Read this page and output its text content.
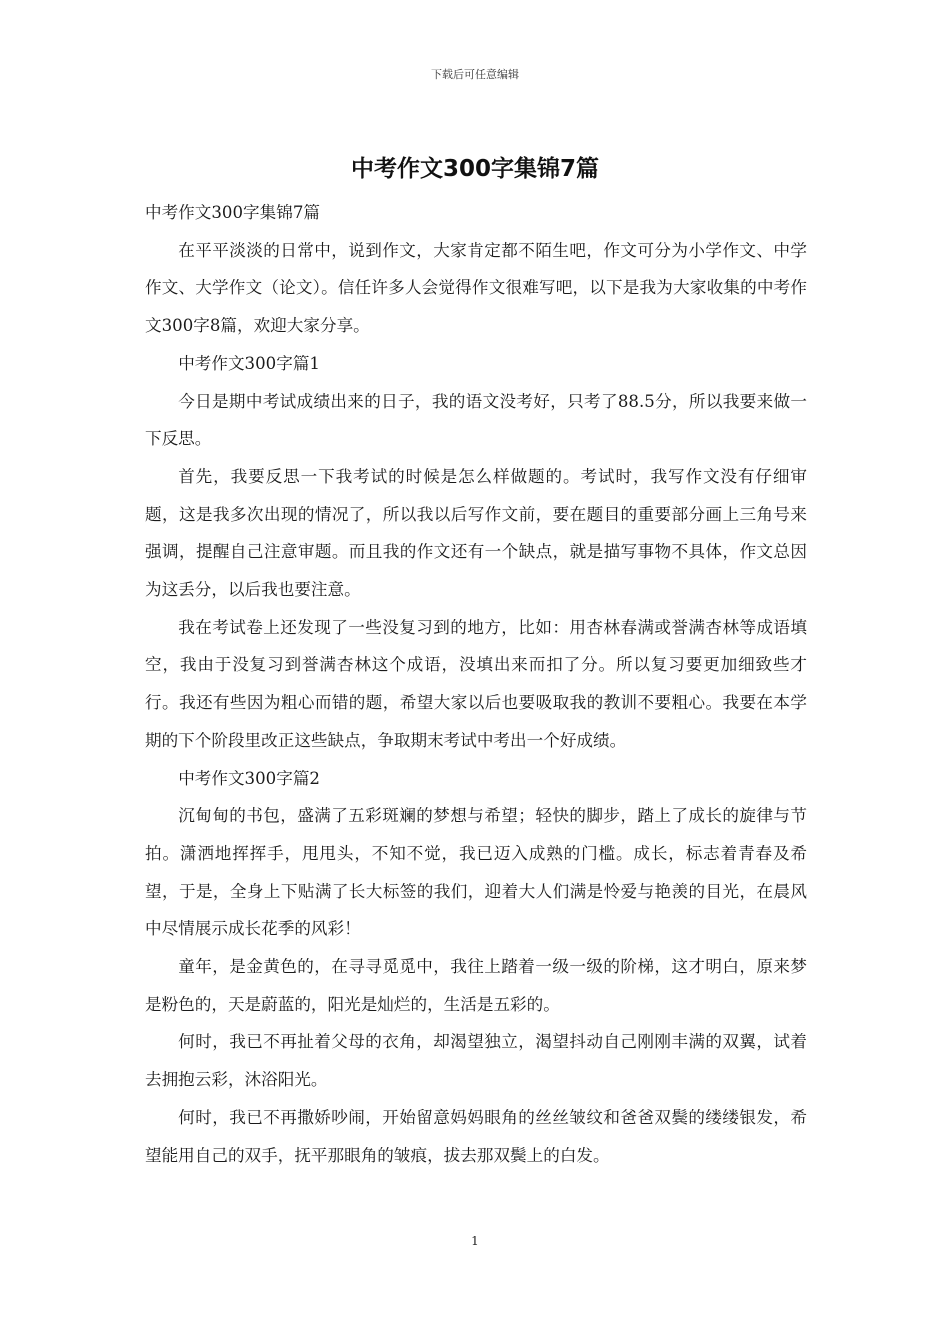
下载后可任意编辑
中考作文300字集锦7篇

中考作文300字集锦7篇

在平平淡淡的日常中，说到作文，大家肯定都不陌生吧，作文可分为小学作文、中学作文、大学作文（论文）。信任许多人会觉得作文很难写吧，以下是我为大家收集的中考作文300字8篇，欢迎大家分享。

中考作文300字篇1

今日是期中考试成绩出来的日子，我的语文没考好，只考了88.5分，所以我要来做一下反思。

首先，我要反思一下我考试的时候是怎么样做题的。考试时，我写作文没有仔细审题，这是我多次出现的情况了，所以我以后写作文前，要在题目的重要部分画上三角号来强调，提醒自己注意审题。而且我的作文还有一个缺点，就是描写事物不具体，作文总因为这丢分，以后我也要注意。

我在考试卷上还发现了一些没复习到的地方，比如：用杏林春满或誉满杏林等成语填空，我由于没复习到誉满杏林这个成语，没填出来而扣了分。所以复习要更加细致些才行。我还有些因为粗心而错的题，希望大家以后也要吸取我的教训不要粗心。我要在本学期的下个阶段里改正这些缺点，争取期末考试中考出一个好成绩。

中考作文300字篇2

沉甸甸的书包，盛满了五彩斑斓的梦想与希望；轻快的脚步，踏上了成长的旋律与节拍。潇洒地挥挥手，甩甩头，不知不觉，我已迈入成熟的门槛。成长，标志着青春及希望，于是，全身上下贴满了长大标签的我们，迎着大人们满是怜爱与艳羡的目光，在晨风中尽情展示成长花季的风彩！

童年，是金黄色的，在寻寻觅觅中，我往上踏着一级一级的阶梯，这才明白，原来梦是粉色的，天是蔚蓝的，阳光是灿烂的，生活是五彩的。

何时，我已不再扯着父母的衣角，却渴望独立，渴望抖动自己刚刚丰满的双翼，试着去拥抱云彩，沐浴阳光。

何时，我已不再撒娇吵闹，开始留意妈妈眼角的丝丝皱纹和爸爸双鬓的缕缕银发，希望能用自己的双手，抚平那眼角的皱痕，拔去那双鬓上的白发。

1
